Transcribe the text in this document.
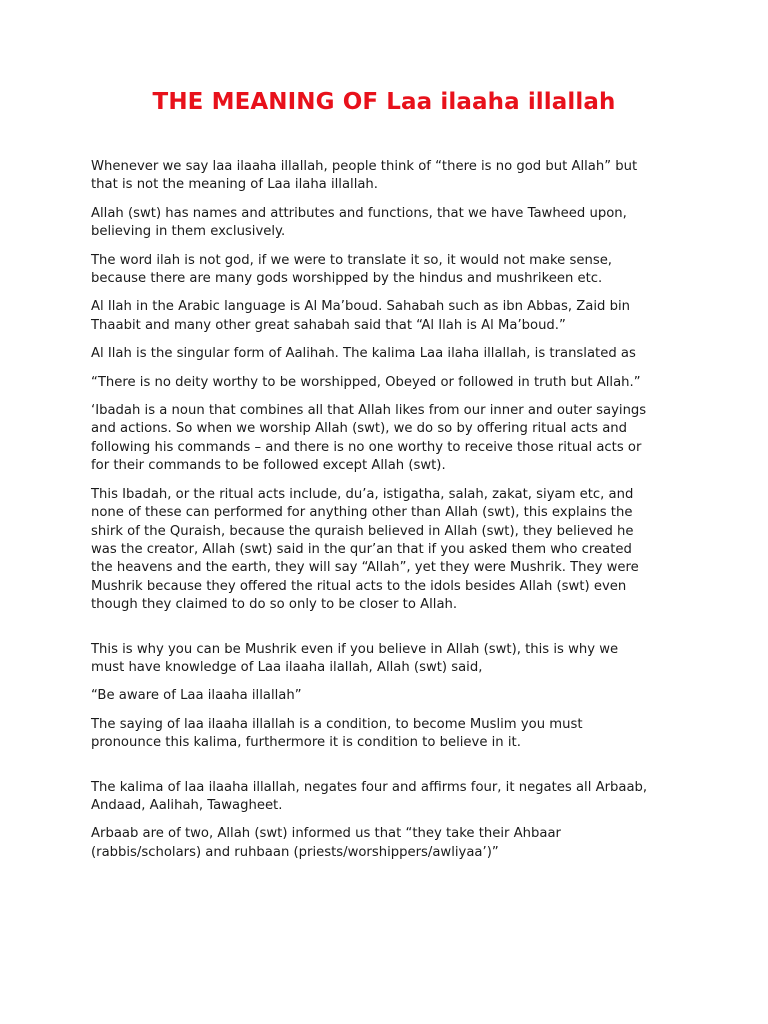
THE MEANING OF Laa ilaaha illallah

Whenever we say laa ilaaha illallah, people think of “there is no god but Allah” but
that is not the meaning of Laa ilaha illallah.

Allah (swt) has names and attributes and functions, that we have Tawheed upon,
believing in them exclusively.

The word ilah is not god, if we were to translate it so, it would not make sense,
because there are many gods worshipped by the hindus and mushrikeen etc.

Al Ilah in the Arabic language is Al Ma’boud. Sahabah such as ibn Abbas, Zaid bin
Thaabit and many other great sahabah said that “Al Ilah is Al Ma’boud.”

Al Ilah is the singular form of Aalihah. The kalima Laa ilaha illallah, is translated as

“There is no deity worthy to be worshipped, Obeyed or followed in truth but Allah.”

‘Ibadah is a noun that combines all that Allah likes from our inner and outer sayings
and actions. So when we worship Allah (swt), we do so by offering ritual acts and
following his commands – and there is no one worthy to receive those ritual acts or
for their commands to be followed except Allah (swt).

This Ibadah, or the ritual acts include, du’a, istigatha, salah, zakat, siyam etc, and
none of these can performed for anything other than Allah (swt), this explains the
shirk of the Quraish, because the quraish believed in Allah (swt), they believed he
was the creator, Allah (swt) said in the qur’an that if you asked them who created
the heavens and the earth, they will say “Allah”, yet they were Mushrik. They were
Mushrik because they offered the ritual acts to the idols besides Allah (swt) even
though they claimed to do so only to be closer to Allah.

This is why you can be Mushrik even if you believe in Allah (swt), this is why we
must have knowledge of Laa ilaaha ilallah, Allah (swt) said,

“Be aware of Laa ilaaha illallah”

The saying of laa ilaaha illallah is a condition, to become Muslim you must
pronounce this kalima, furthermore it is condition to believe in it.

The kalima of laa ilaaha illallah, negates four and affirms four, it negates all Arbaab,
Andaad, Aalihah, Tawagheet.

Arbaab are of two, Allah (swt) informed us that “they take their Ahbaar
(rabbis/scholars) and ruhbaan (priests/worshippers/awliyaa’)”
